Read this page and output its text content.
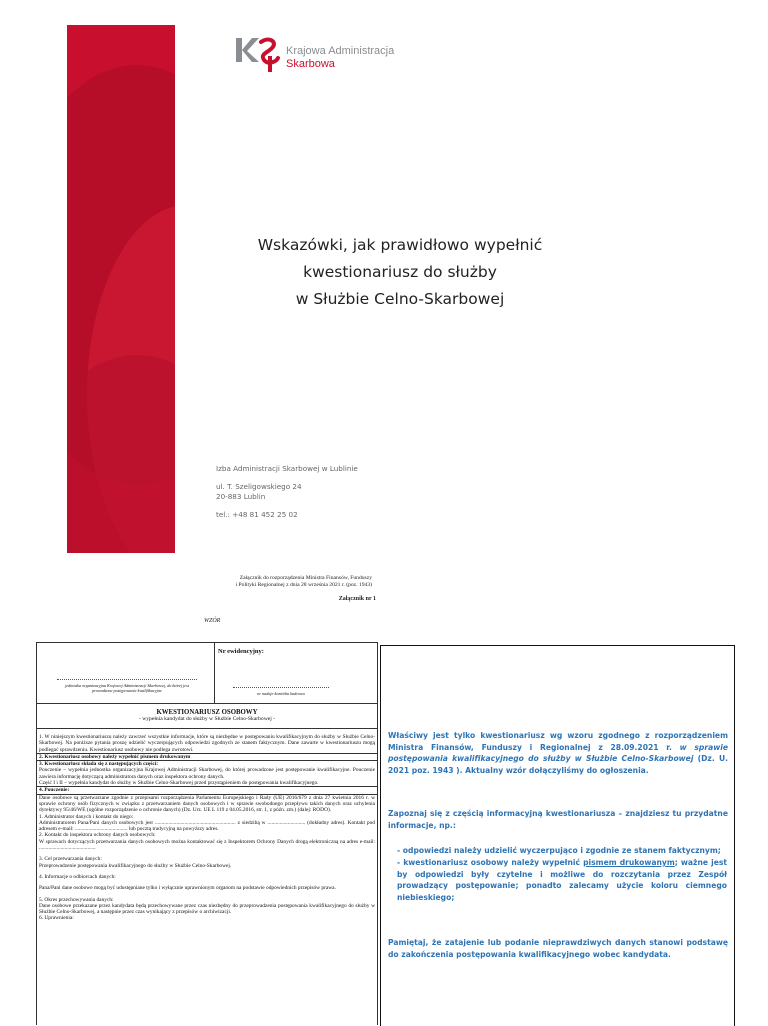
Krajowa Administracja
Skarbowa
Wskazówki, jak prawidłowo wypełnić kwestionariusz do służby
w Służbie Celno-Skarbowej
Izba Administracji Skarbowej w Lublinie
ul. T. Szeligowskiego 24
20-883 Lublin
tel.: +48 81 452 25 02
Załącznik do rozporządzenia Ministra Finansów, Funduszy
i Polityki Regionalnej z dnia 28 września 2021 r. (poz. 1943)
Załącznik nr 1
WZÓR
Nr ewidencyjny:
jednostka organizacyjna Krajowej Administracji Skarbowej, do której jest prowadzone postępowanie kwalifikacyjne
nr nadaje komórka kadrowa
KWESTIONARIUSZ OSOBOWY
- wypełnia kandydat do służby w Służbie Celno-Skarbowej -
1. W niniejszym kwestionariuszu należy zawrzeć wszystkie informacje, które są niezbędne w postępowaniu kwalifikacyjnym do służby w Służbie Celno-Skarbowej. Na poniższe pytania proszę udzielić wyczerpujących odpowiedzi zgodnych ze stanem faktycznym. Dane zawarte w kwestionariuszu mogą podlegać sprawdzeniu. Kwestionariusz osobowy nie podlega zwrotowi.
2. Kwestionariusz osobowy należy wypełnić pismem drukowanym
3. Kwestionariusz składa się z następujących części:
Pouczenie – wypełnia jednostka organizacyjna Krajowej Administracji Skarbowej, do której prowadzone jest postępowanie kwalifikacyjne. Pouczenie zawiera informację dotyczącą administratora danych oraz inspektora ochrony danych.
Część I i II – wypełnia kandydat do służby w Służbie Celno-Skarbowej przed przystąpieniem do postępowania kwalifikacyjnego.
4. Pouczenie:
Dane osobowe są przetwarzane zgodnie z przepisami rozporządzenia Parlamentu Europejskiego i Rady (UE) 2016/679 z dnia 27 kwietnia 2016 r. w sprawie ochrony osób fizycznych w związku z przetwarzaniem danych osobowych i w sprawie swobodnego przepływu takich danych oraz uchylenia dyrektywy 95/46/WE (ogólne rozporządzenie o ochronie danych) (Dz. Urz. UE L 119 z 04.05.2016, str. 1, z późn. zm.) (dalej: RODO).
1. Administrator danych i kontakt do niego:
Administratorem Pana/Pani danych osobowych jest ............................................................ z siedzibą w ............................ (dokładny adres). Kontakt pod adresem e-mail: ....................................... lub pocztą tradycyjną na powyższy adres.
2. Kontakt do inspektora ochrony danych osobowych:
W sprawach dotyczących przetwarzania danych osobowych można kontaktować się z Inspektorem Ochrony Danych drogą elektroniczną na adres e-mail: ..........................................
3. Cel przetwarzania danych:
Przeprowadzenie postępowania kwalifikacyjnego do służby w Służbie Celno-Skarbowej.
4. Informacje o odbiorcach danych:
Pana/Pani dane osobowe mogą być udostępniane tylko i wyłącznie uprawnionym organom na podstawie odpowiednich przepisów prawa.
5. Okres przechowywania danych:
Dane osobowe przekazane przez kandydata będą przechowywane przez czas niezbędny do przeprowadzenia postępowania kwalifikacyjnego do służby w Służbie Celno-Skarbowej, a następnie przez czas wynikający z przepisów o archiwizacji.
6. Uprawnienia:
Właściwy jest tylko kwestionariusz wg wzoru zgodnego z rozporządzeniem Ministra Finansów, Funduszy i Regionalnej z 28.09.2021 r. w sprawie postępowania kwalifikacyjnego do służby w Służbie Celno-Skarbowej (Dz. U. 2021 poz. 1943 ). Aktualny wzór dołączyliśmy do ogłoszenia.
Zapoznaj się z częścią informacyjną kwestionariusza – znajdziesz tu przydatne informacje, np.:
- odpowiedzi należy udzielić wyczerpująco i zgodnie ze stanem faktycznym;
- kwestionariusz osobowy należy wypełnić pismem drukowanym; ważne jest by odpowiedzi były czytelne i możliwe do rozczytania przez Zespół prowadzący postępowanie; ponadto zalecamy użycie koloru ciemnego niebieskiego;
Pamiętaj, że zatajenie lub podanie nieprawdziwych danych stanowi podstawę do zakończenia postępowania kwalifikacyjnego wobec kandydata.
